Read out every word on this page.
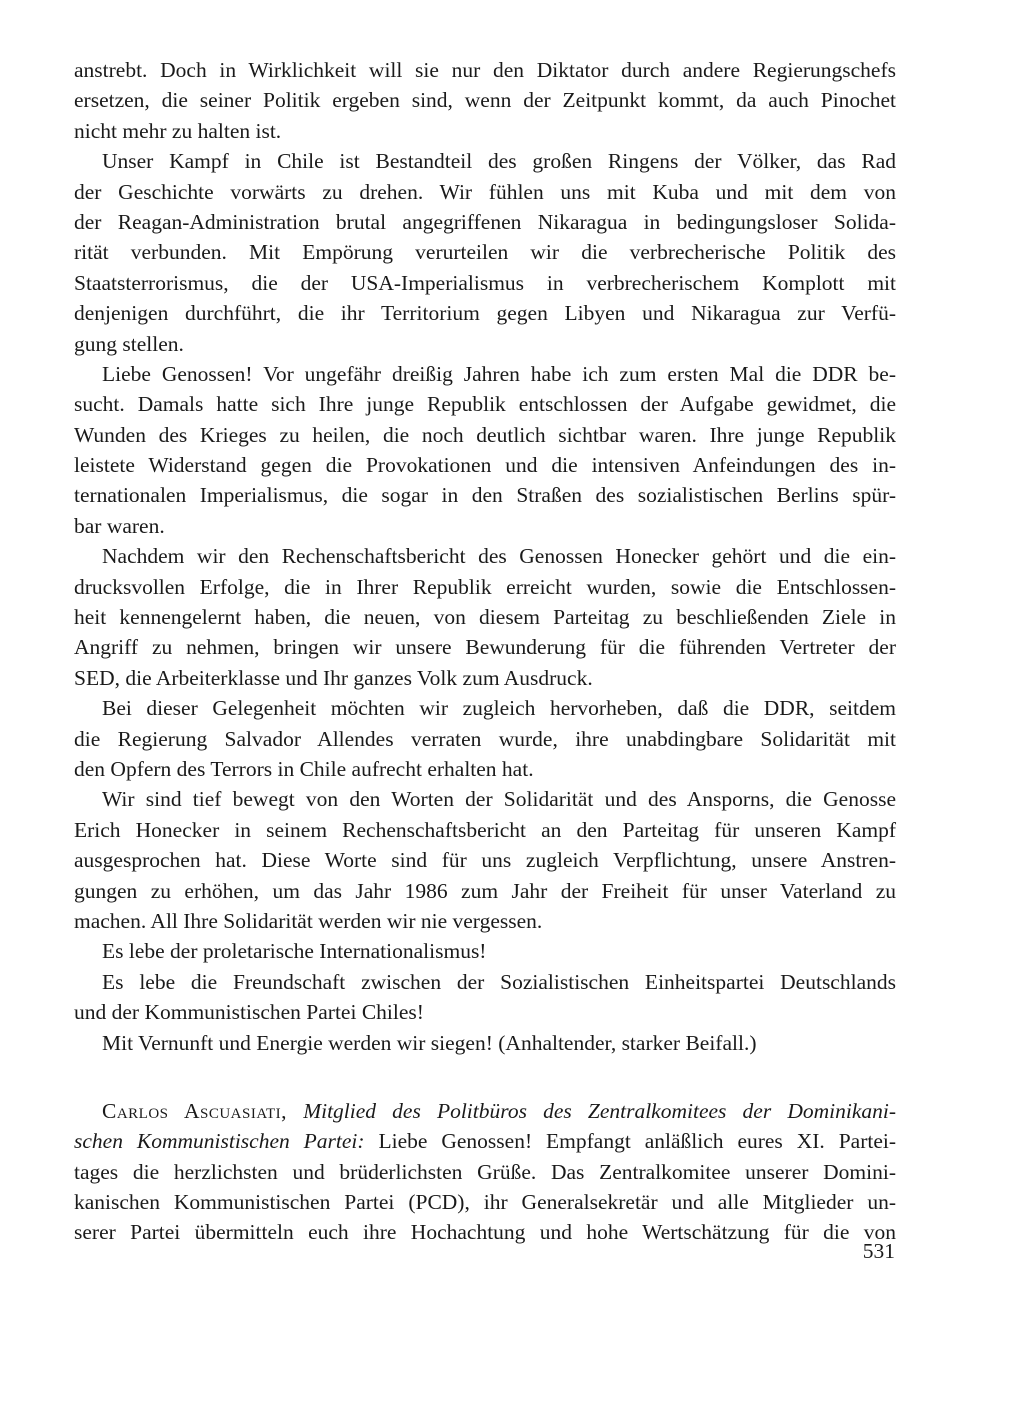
anstrebt. Doch in Wirklichkeit will sie nur den Diktator durch andere Regierungschefs
ersetzen, die seiner Politik ergeben sind, wenn der Zeitpunkt kommt, da auch Pinochet
nicht mehr zu halten ist.
Unser Kampf in Chile ist Bestandteil des großen Ringens der Völker, das Rad
der Geschichte vorwärts zu drehen. Wir fühlen uns mit Kuba und mit dem von
der Reagan-Administration brutal angegriffenen Nikaragua in bedingungsloser Solida-
rität verbunden. Mit Empörung verurteilen wir die verbrecherische Politik des
Staatsterrorismus, die der USA-Imperialismus in verbrecherischem Komplott mit
denjenigen durchführt, die ihr Territorium gegen Libyen und Nikaragua zur Verfü-
gung stellen.
Liebe Genossen! Vor ungefähr dreißig Jahren habe ich zum ersten Mal die DDR be-
sucht. Damals hatte sich Ihre junge Republik entschlossen der Aufgabe gewidmet, die
Wunden des Krieges zu heilen, die noch deutlich sichtbar waren. Ihre junge Republik
leistete Widerstand gegen die Provokationen und die intensiven Anfeindungen des in-
ternationalen Imperialismus, die sogar in den Straßen des sozialistischen Berlins spür-
bar waren.
Nachdem wir den Rechenschaftsbericht des Genossen Honecker gehört und die ein-
drucksvollen Erfolge, die in Ihrer Republik erreicht wurden, sowie die Entschlossen-
heit kennengelernt haben, die neuen, von diesem Parteitag zu beschließenden Ziele in
Angriff zu nehmen, bringen wir unsere Bewunderung für die führenden Vertreter der
SED, die Arbeiterklasse und Ihr ganzes Volk zum Ausdruck.
Bei dieser Gelegenheit möchten wir zugleich hervorheben, daß die DDR, seitdem
die Regierung Salvador Allendes verraten wurde, ihre unabdingbare Solidarität mit
den Opfern des Terrors in Chile aufrecht erhalten hat.
Wir sind tief bewegt von den Worten der Solidarität und des Ansporns, die Genosse
Erich Honecker in seinem Rechenschaftsbericht an den Parteitag für unseren Kampf
ausgesprochen hat. Diese Worte sind für uns zugleich Verpflichtung, unsere Anstren-
gungen zu erhöhen, um das Jahr 1986 zum Jahr der Freiheit für unser Vaterland zu
machen. All Ihre Solidarität werden wir nie vergessen.
Es lebe der proletarische Internationalismus!
Es lebe die Freundschaft zwischen der Sozialistischen Einheitspartei Deutschlands
und der Kommunistischen Partei Chiles!
Mit Vernunft und Energie werden wir siegen! (Anhaltender, starker Beifall.)
Carlos Ascuasiati, Mitglied des Politbüros des Zentralkomitees der Dominikani-
schen Kommunistischen Partei: Liebe Genossen! Empfangt anläßlich eures XI. Partei-
tages die herzlichsten und brüderlichsten Grüße. Das Zentralkomitee unserer Domini-
kanischen Kommunistischen Partei (PCD), ihr Generalsekretär und alle Mitglieder un-
serer Partei übermitteln euch ihre Hochachtung und hohe Wertschätzung für die von
531
